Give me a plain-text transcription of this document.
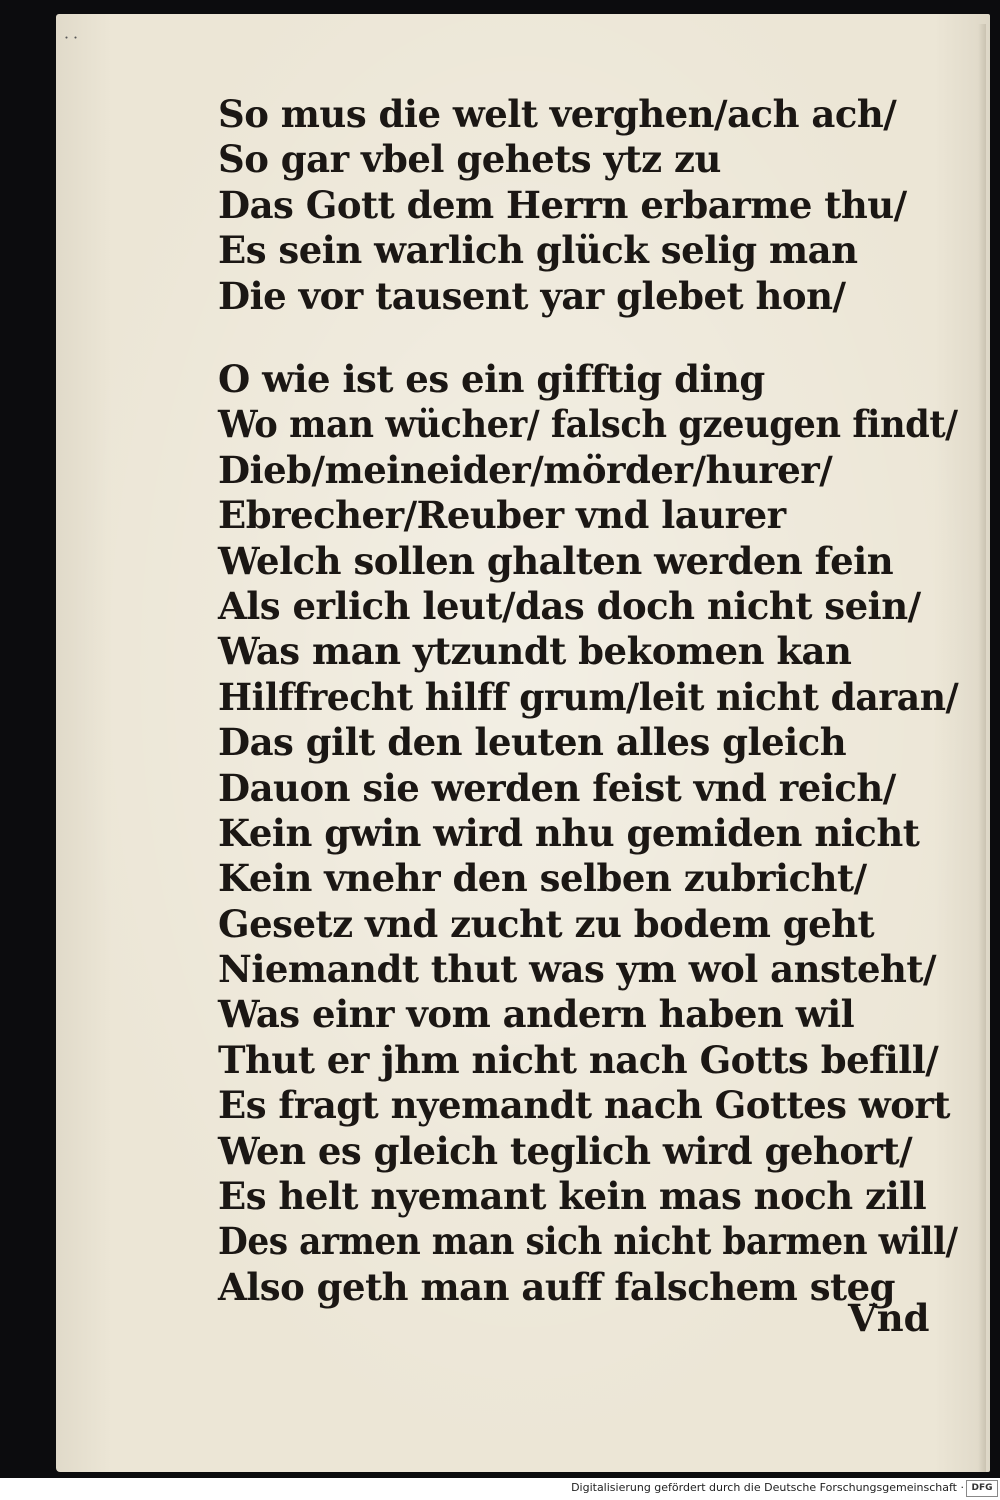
˙˙
So mus die welt verghen/ach ach/
So gar vbel gehets ytz zu
Das Gott dem Herrn erbarme thu/
Es sein warlich glück selig man
Die vor tausent yar glebet hon/
O wie ist es ein gifftig ding
Wo man wücher/ falsch gzeugen findt/
Dieb/meineider/mörder/hurer/
Ebrecher/Reuber vnd laurer
Welch sollen ghalten werden fein
Als erlich leut/das doch nicht sein/
Was man ytzundt bekomen kan
Hilffrecht hilff grum/leit nicht daran/
Das gilt den leuten alles gleich
Dauon sie werden feist vnd reich/
Kein gwin wird nhu gemiden nicht
Kein vnehr den selben zubricht/
Gesetz vnd zucht zu bodem geht
Niemandt thut was ym wol ansteht/
Was einr vom andern haben wil
Thut er jhm nicht nach Gotts befill/
Es fragt nyemandt nach Gottes wort
Wen es gleich teglich wird gehort/
Es helt nyemant kein mas noch zill
Des armen man sich nicht barmen will/
Also geth man auff falschem steg
Vnd
Digitalisierung gefördert durch die Deutsche Forschungsgemeinschaft · DFG
